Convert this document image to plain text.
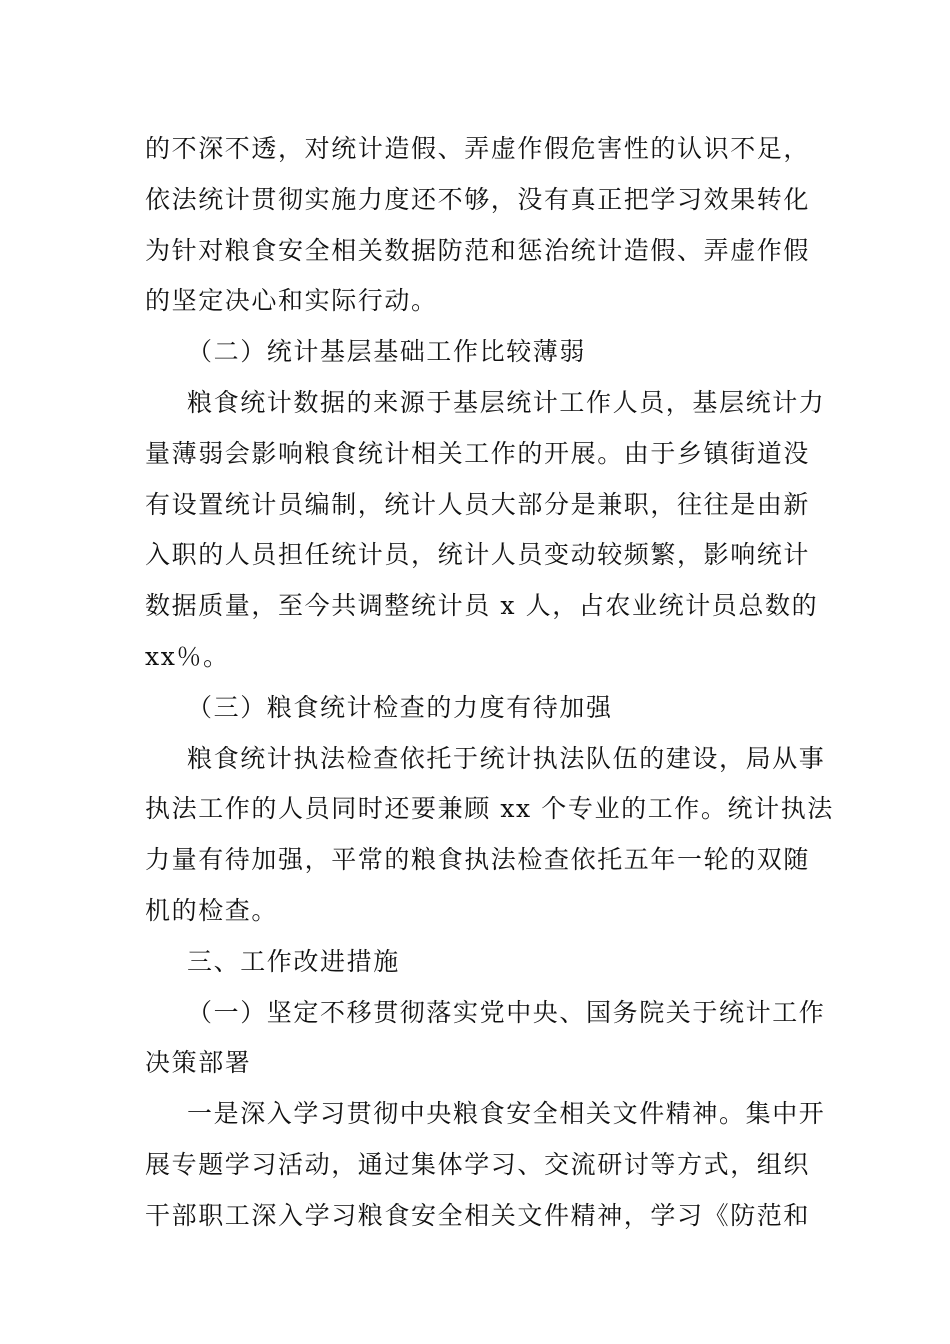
的不深不透，对统计造假、弄虚作假危害性的认识不足，
依法统计贯彻实施力度还不够，没有真正把学习效果转化
为针对粮食安全相关数据防范和惩治统计造假、弄虚作假
的坚定决心和实际行动。
（二）统计基层基础工作比较薄弱
粮食统计数据的来源于基层统计工作人员，基层统计力
量薄弱会影响粮食统计相关工作的开展。由于乡镇街道没
有设置统计员编制，统计人员大部分是兼职，往往是由新
入职的人员担任统计员，统计人员变动较频繁，影响统计
数据质量，至今共调整统计员 x 人，占农业统计员总数的
xx％。
（三）粮食统计检查的力度有待加强
粮食统计执法检查依托于统计执法队伍的建设，局从事
执法工作的人员同时还要兼顾 xx 个专业的工作。统计执法
力量有待加强，平常的粮食执法检查依托五年一轮的双随
机的检查。
三、工作改进措施
（一）坚定不移贯彻落实党中央、国务院关于统计工作
决策部署
一是深入学习贯彻中央粮食安全相关文件精神。集中开
展专题学习活动，通过集体学习、交流研讨等方式，组织
干部职工深入学习粮食安全相关文件精神，学习《防范和
